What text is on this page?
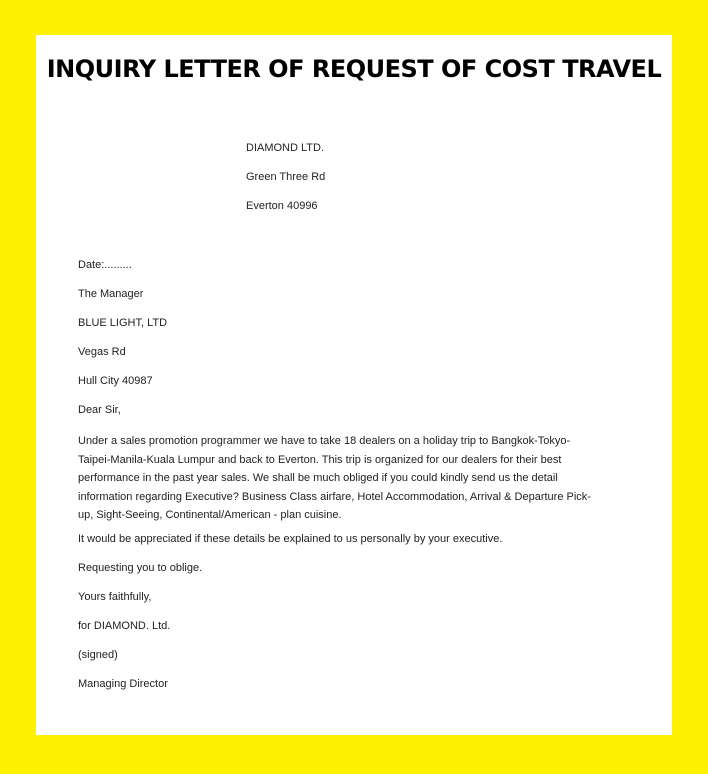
INQUIRY LETTER OF REQUEST OF COST TRAVEL
DIAMOND LTD.
Green Three Rd
Everton 40996
Date:.........
The Manager
BLUE LIGHT, LTD
Vegas Rd
Hull City 40987
Dear Sir,
Under a sales promotion programmer we have to take 18 dealers on a holiday trip to Bangkok-Tokyo-Taipei-Manila-Kuala Lumpur and back to Everton. This trip is organized for our dealers for their best performance in the past year sales. We shall be much obliged if you could kindly send us the detail information regarding Executive? Business Class airfare, Hotel Accommodation, Arrival & Departure Pick-up, Sight-Seeing, Continental/American - plan cuisine.
It would be appreciated if these details be explained to us personally by your executive.
Requesting you to oblige.
Yours faithfully,
for DIAMOND. Ltd.
(signed)
Managing Director
